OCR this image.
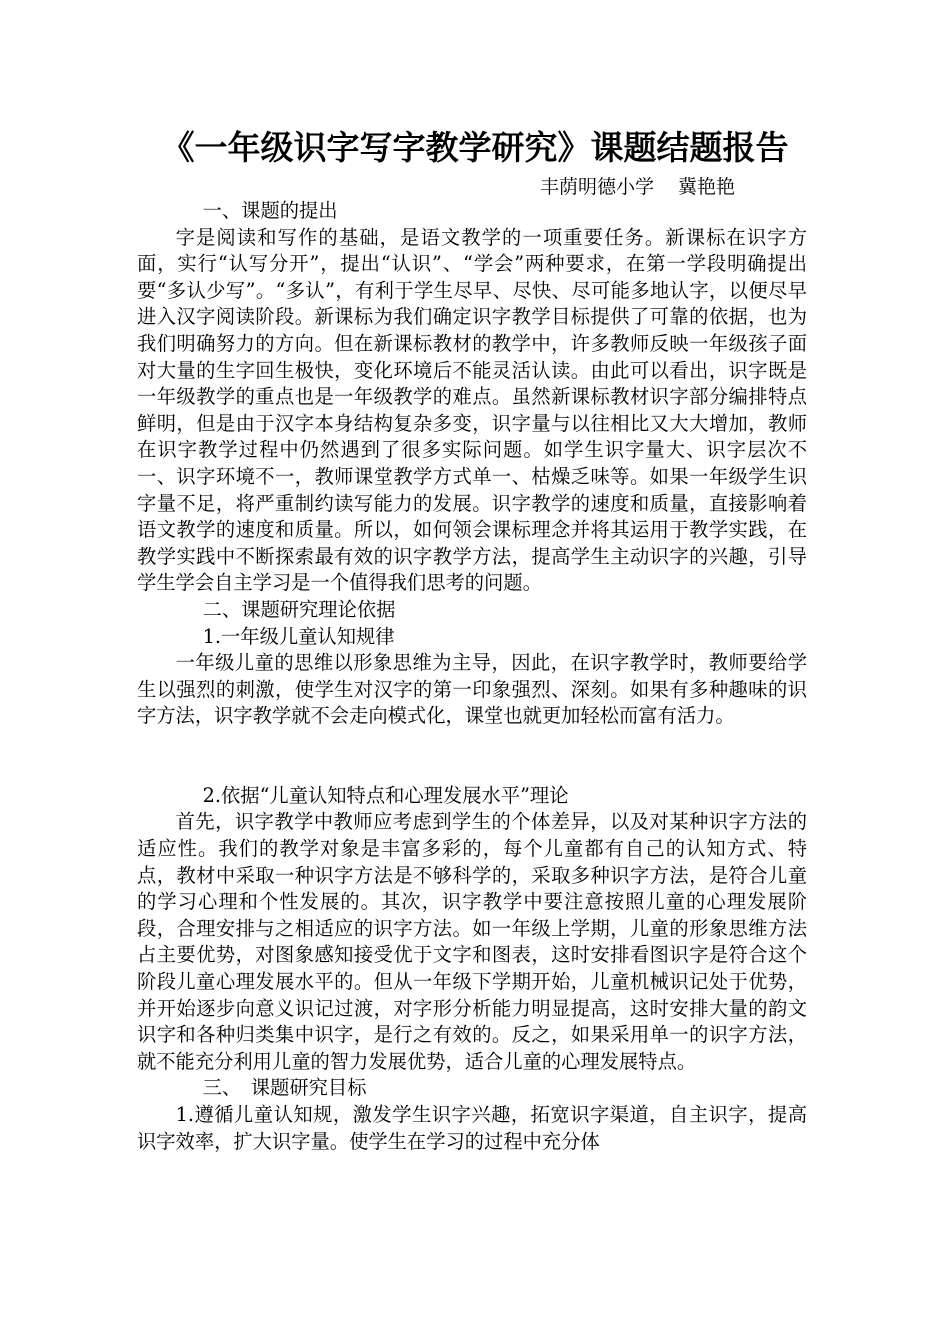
《一年级识字写字教学研究》课题结题报告
丰荫明德小学 冀艳艳

一、课题的提出

字是阅读和写作的基础，是语文教学的一项重要任务。新课标在识字方面，实行“认写分开”，提出“认识”、“学会”两种要求，在第一学段明确提出要“多认少写”。“多认”，有利于学生尽早、尽快、尽可能多地认字，以便尽早进入汉字阅读阶段。新课标为我们确定识字教学目标提供了可靠的依据，也为我们明确努力的方向。但在新课标教材的教学中，许多教师反映一年级孩子面对大量的生字回生极快，变化环境后不能灵活认读。由此可以看出，识字既是一年级教学的重点也是一年级教学的难点。虽然新课标教材识字部分编排特点鲜明，但是由于汉字本身结构复杂多变，识字量与以往相比又大大增加，教师在识字教学过程中仍然遇到了很多实际问题。如学生识字量大、识字层次不一、识字环境不一，教师课堂教学方式单一、枯燥乏味等。如果一年级学生识字量不足，将严重制约读写能力的发展。识字教学的速度和质量，直接影响着语文教学的速度和质量。所以，如何领会课标理念并将其运用于教学实践，在教学实践中不断探索最有效的识字教学方法，提高学生主动识字的兴趣，引导学生学会自主学习是一个值得我们思考的问题。

二、课题研究理论依据

1.一年级儿童认知规律

一年级儿童的思维以形象思维为主导，因此，在识字教学时，教师要给学生以强烈的刺激，使学生对汉字的第一印象强烈、深刻。如果有多种趣味的识字方法，识字教学就不会走向模式化，课堂也就更加轻松而富有活力。

2.依据“儿童认知特点和心理发展水平”理论

首先，识字教学中教师应考虑到学生的个体差异，以及对某种识字方法的适应性。我们的教学对象是丰富多彩的，每个儿童都有自己的认知方式、特点，教材中采取一种识字方法是不够科学的，采取多种识字方法，是符合儿童的学习心理和个性发展的。其次，识字教学中要注意按照儿童的心理发展阶段，合理安排与之相适应的识字方法。如一年级上学期，儿童的形象思维方法占主要优势，对图象感知接受优于文字和图表，这时安排看图识字是符合这个阶段儿童心理发展水平的。但从一年级下学期开始，儿童机械识记处于优势，并开始逐步向意义识记过渡，对字形分析能力明显提高，这时安排大量的韵文识字和各种归类集中识字，是行之有效的。反之，如果采用单一的识字方法，就不能充分利用儿童的智力发展优势，适合儿童的心理发展特点。

三、　课题研究目标

1.遵循儿童认知规，激发学生识字兴趣，拓宽识字渠道，自主识字，提高识字效率，扩大识字量。使学生在学习的过程中充分体
